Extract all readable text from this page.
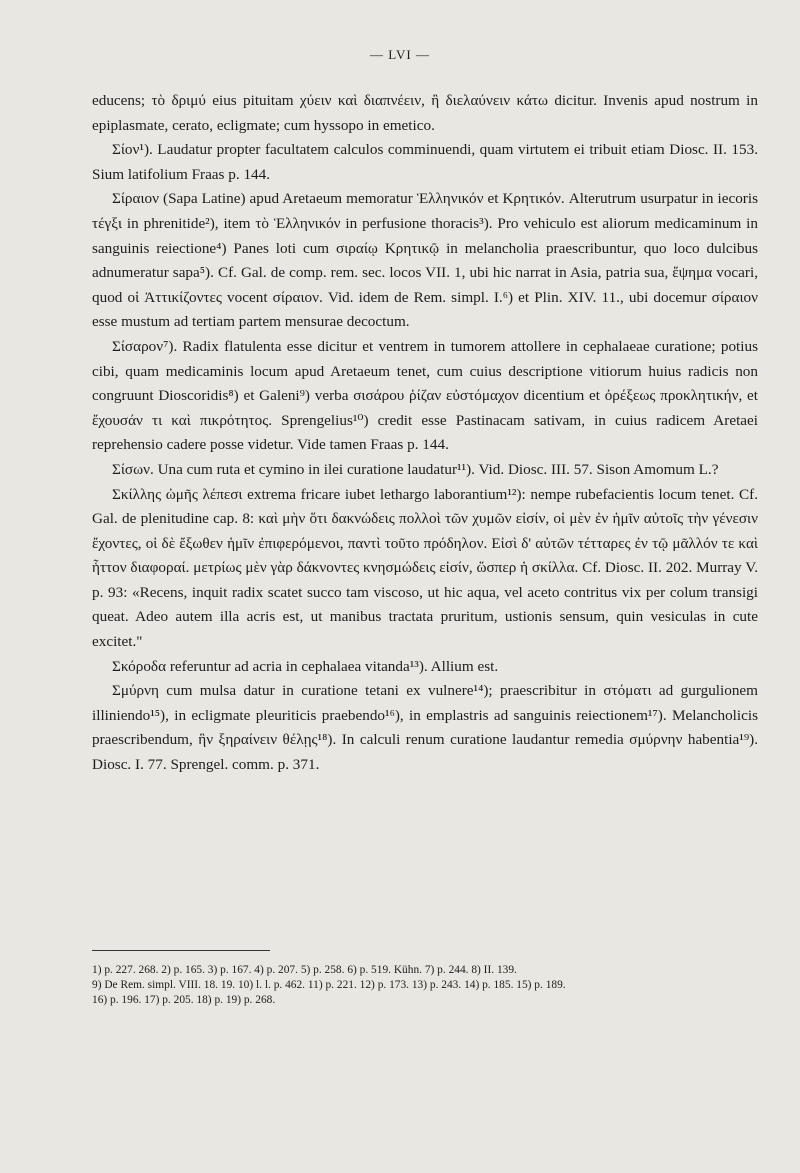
— LVI —

educens; τὸ δριμύ eius pituitam χύειν καὶ διαπνέειν, ἢ διελαύνειν κάτω dicitur. Invenis apud nostrum in epiplasmate, cerato, ecligmate; cum hyssopo in emetico.

Σίον¹). Laudatur propter facultatem calculos comminuendi, quam virtutem ei tribuit etiam Diosc. II. 153. Sium latifolium Fraas p. 144.

Σίραιον (Sapa Latine) apud Aretaeum memoratur Ἑλληνικόν et Κρητικόν. Alterutrum usurpatur in iecoris τέγξι in phrenitide²), item τὸ Ἑλληνικόν in perfusione thoracis³). Pro vehiculo est aliorum medicaminum in sanguinis reiectione⁴) Panes loti cum σιραίῳ Κρητικῷ in melancholia praescribuntur, quo loco dulcibus adnumeratur sapa⁵). Cf. Gal. de comp. rem. sec. locos VII. 1, ubi hic narrat in Asia, patria sua, ἕψημα vocari, quod οἱ Ἀττικίζοντες vocent σίραιον. Vid. idem de Rem. simpl. I.⁶) et Plin. XIV. 11., ubi docemur σίραιον esse mustum ad tertiam partem mensurae decoctum.

Σίσαρον⁷). Radix flatulenta esse dicitur et ventrem in tumorem attollere in cephalaeae curatione; potius cibi, quam medicaminis locum apud Aretaeum tenet, cum cuius descriptione vitiorum huius radicis non congruunt Dioscoridis⁸) et Galeni⁹) verba σισάρου ῥίζαν εὐστόμαχον dicentium et ὀρέξεως προκλητικήν, et ἔχουσάν τι καὶ πικρότητος. Sprengelius¹⁰) credit esse Pastinacam sativam, in cuius radicem Aretaei reprehensio cadere posse videtur. Vide tamen Fraas p. 144.

Σίσων. Una cum ruta et cymino in ilei curatione laudatur¹¹). Vid. Diosc. III. 57. Sison Amomum L.?

Σκίλλης ὠμῆς λέπεσι extrema fricare iubet lethargo laborantium¹²): nempe rubefacientis locum tenet. Cf. Gal. de plenitudine cap. 8: καὶ μὴν ὅτι δακνώδεις πολλοὶ τῶν χυμῶν εἰσίν, οἱ μὲν ἐν ἡμῖν αὐτοῖς τὴν γένεσιν ἔχοντες, οἱ δὲ ἔξωθεν ἡμῖν ἐπιφερόμενοι, παντὶ τοῦτο πρόδηλον. Εἰσὶ δ' αὐτῶν τέτταρες ἐν τῷ μᾶλλόν τε καὶ ἧττον διαφοραί. μετρίως μὲν γὰρ δάκνοντες κνησμώδεις εἰσίν, ὥσπερ ἡ σκίλλα. Cf. Diosc. II. 202. Murray V. p. 93: «Recens, inquit radix scatet succo tam viscoso, ut hic aqua, vel aceto contritus vix per colum transigi queat. Adeo autem illa acris est, ut manibus tractata pruritum, ustionis sensum, quin vesiculas in cute excitet."

Σκόροδα referuntur ad acria in cephalaea vitanda¹³). Allium est.

Σμύρνη cum mulsa datur in curatione tetani ex vulnere¹⁴); praescribitur in στόματι ad gurgulionem illiniendo¹⁵), in ecligmate pleuriticis praebendo¹⁶), in emplastris ad sanguinis reiectionem¹⁷). Melancholicis praescribendum, ἣν ξηραίνειν θέλῃς¹⁸). In calculi renum curatione laudantur remedia σμύρνην habentia¹⁹). Diosc. I. 77. Sprengel. comm. p. 371.

1) p. 227. 268. 2) p. 165. 3) p. 167. 4) p. 207. 5) p. 258. 6) p. 519. Kühn. 7) p. 244. 8) II. 139.
9) De Rem. simpl. VIII. 18. 19. 10) l. l. p. 462. 11) p. 221. 12) p. 173. 13) p. 243. 14) p. 185. 15) p. 189.
16) p. 196. 17) p. 205. 18) p. 19) p. 268.
